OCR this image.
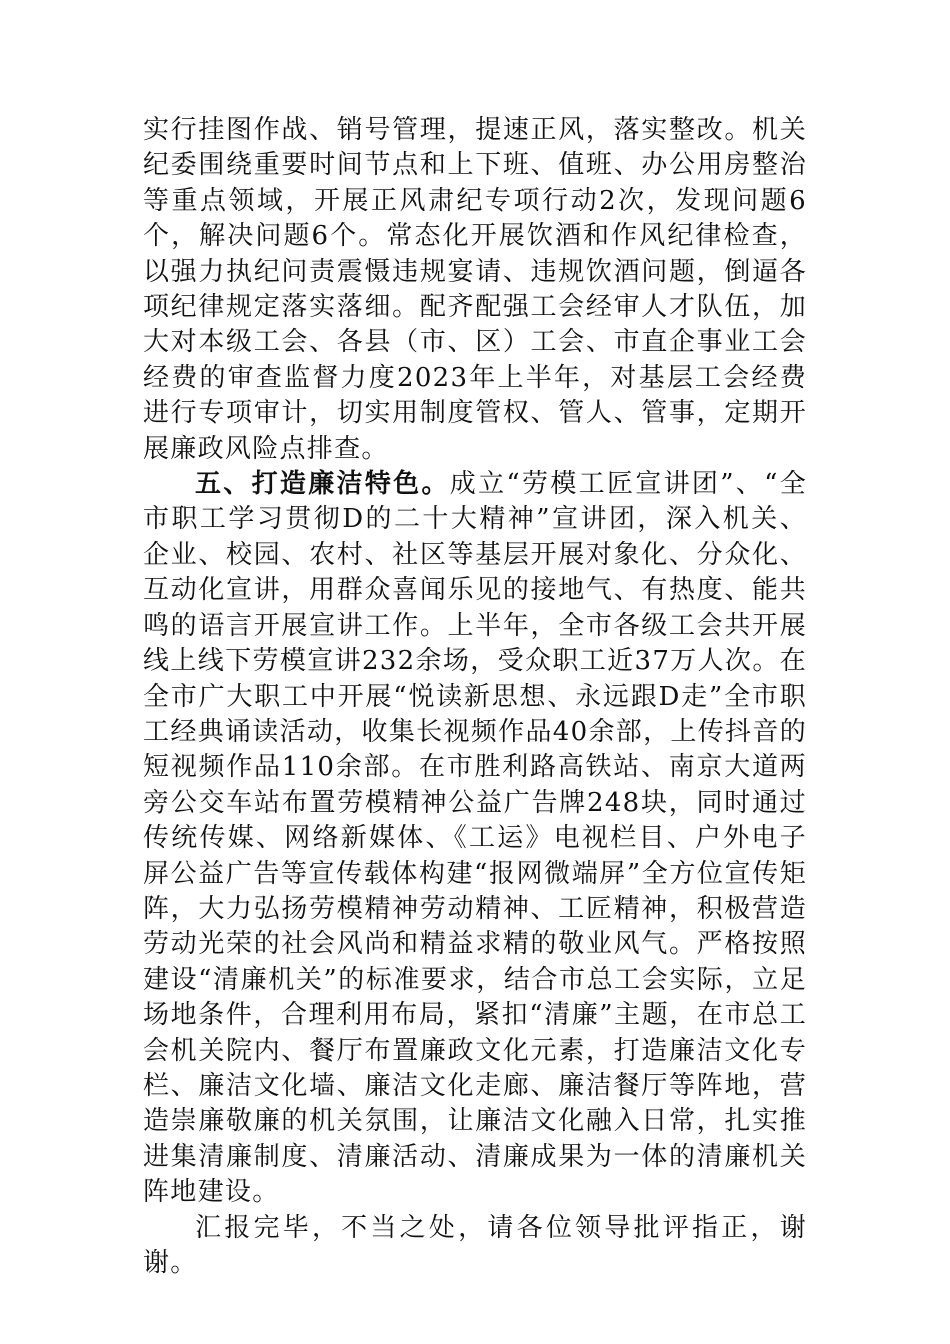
实行挂图作战、销号管理，提速正风，落实整改。机关纪委围绕重要时间节点和上下班、值班、办公用房整治等重点领域，开展正风肃纪专项行动2次，发现问题6个，解决问题6个。常态化开展饮酒和作风纪律检查，以强力执纪问责震慑违规宴请、违规饮酒问题，倒逼各项纪律规定落实落细。配齐配强工会经审人才队伍，加大对本级工会、各县（市、区）工会、市直企事业工会经费的审查监督力度2023年上半年，对基层工会经费进行专项审计，切实用制度管权、管人、管事，定期开展廉政风险点排查。

五、打造廉洁特色。成立“劳模工匠宣讲团”、“全市职工学习贯彻D的二十大精神”宣讲团，深入机关、企业、校园、农村、社区等基层开展对象化、分众化、互动化宣讲，用群众喜闻乐见的接地气、有热度、能共鸣的语言开展宣讲工作。上半年，全市各级工会共开展线上线下劳模宣讲232余场，受众职工近37万人次。在全市广大职工中开展“悦读新思想、永远跟D走”全市职工经典诵读活动，收集长视频作品40余部，上传抖音的短视频作品110余部。在市胜利路高铁站、南京大道两旁公交车站布置劳模精神公益广告牌248块，同时通过传统传媒、网络新媒体、《工运》电视栏目、户外电子屏公益广告等宣传载体构建“报网微端屏”全方位宣传矩阵，大力弘扬劳模精神劳动精神、工匠精神，积极营造劳动光荣的社会风尚和精益求精的敬业风气。严格按照建设“清廉机关”的标准要求，结合市总工会实际，立足场地条件，合理利用布局，紧扣“清廉”主题，在市总工会机关院内、餐厅布置廉政文化元素，打造廉洁文化专栏、廉洁文化墙、廉洁文化走廊、廉洁餐厅等阵地，营造崇廉敬廉的机关氛围，让廉洁文化融入日常，扎实推进集清廉制度、清廉活动、清廉成果为一体的清廉机关阵地建设。

汇报完毕，不当之处，请各位领导批评指正，谢谢。
